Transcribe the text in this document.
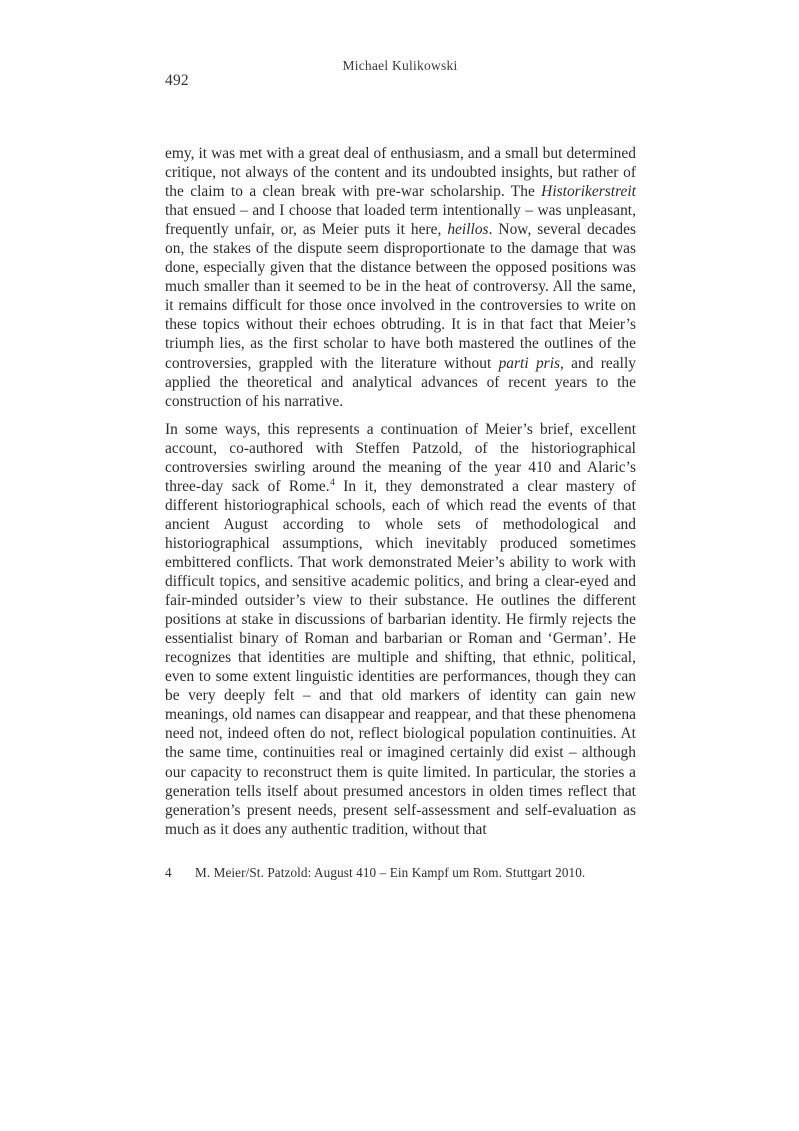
492
Michael Kulikowski

emy, it was met with a great deal of enthusiasm, and a small but determined critique, not always of the content and its undoubted insights, but rather of the claim to a clean break with pre-war scholarship. The Historikerstreit that ensued – and I choose that loaded term intentionally – was unpleasant, frequently unfair, or, as Meier puts it here, heillos. Now, several decades on, the stakes of the dispute seem disproportionate to the damage that was done, especially given that the distance between the opposed positions was much smaller than it seemed to be in the heat of controversy. All the same, it remains difficult for those once involved in the controversies to write on these topics without their echoes obtruding. It is in that fact that Meier’s triumph lies, as the first scholar to have both mastered the outlines of the controversies, grappled with the literature without parti pris, and really applied the theoretical and analytical advances of recent years to the construction of his narrative.

In some ways, this represents a continuation of Meier’s brief, excellent account, co-authored with Steffen Patzold, of the historiographical controversies swirling around the meaning of the year 410 and Alaric’s three-day sack of Rome.$^4$ In it, they demonstrated a clear mastery of different historiographical schools, each of which read the events of that ancient August according to whole sets of methodological and historiographical assumptions, which inevitably produced sometimes embittered conflicts. That work demonstrated Meier’s ability to work with difficult topics, and sensitive academic politics, and bring a clear-eyed and fair-minded outsider’s view to their substance. He outlines the different positions at stake in discussions of barbarian identity. He firmly rejects the essentialist binary of Roman and barbarian or Roman and ‘German’. He recognizes that identities are multiple and shifting, that ethnic, political, even to some extent linguistic identities are performances, though they can be very deeply felt – and that old markers of identity can gain new meanings, old names can disappear and reappear, and that these phenomena need not, indeed often do not, reflect biological population continuities. At the same time, continuities real or imagined certainly did exist – although our capacity to reconstruct them is quite limited. In particular, the stories a generation tells itself about presumed ancestors in olden times reflect that generation’s present needs, present self-assessment and self-evaluation as much as it does any authentic tradition, without that

4 M. Meier/St. Patzold: August 410 – Ein Kampf um Rom. Stuttgart 2010.
